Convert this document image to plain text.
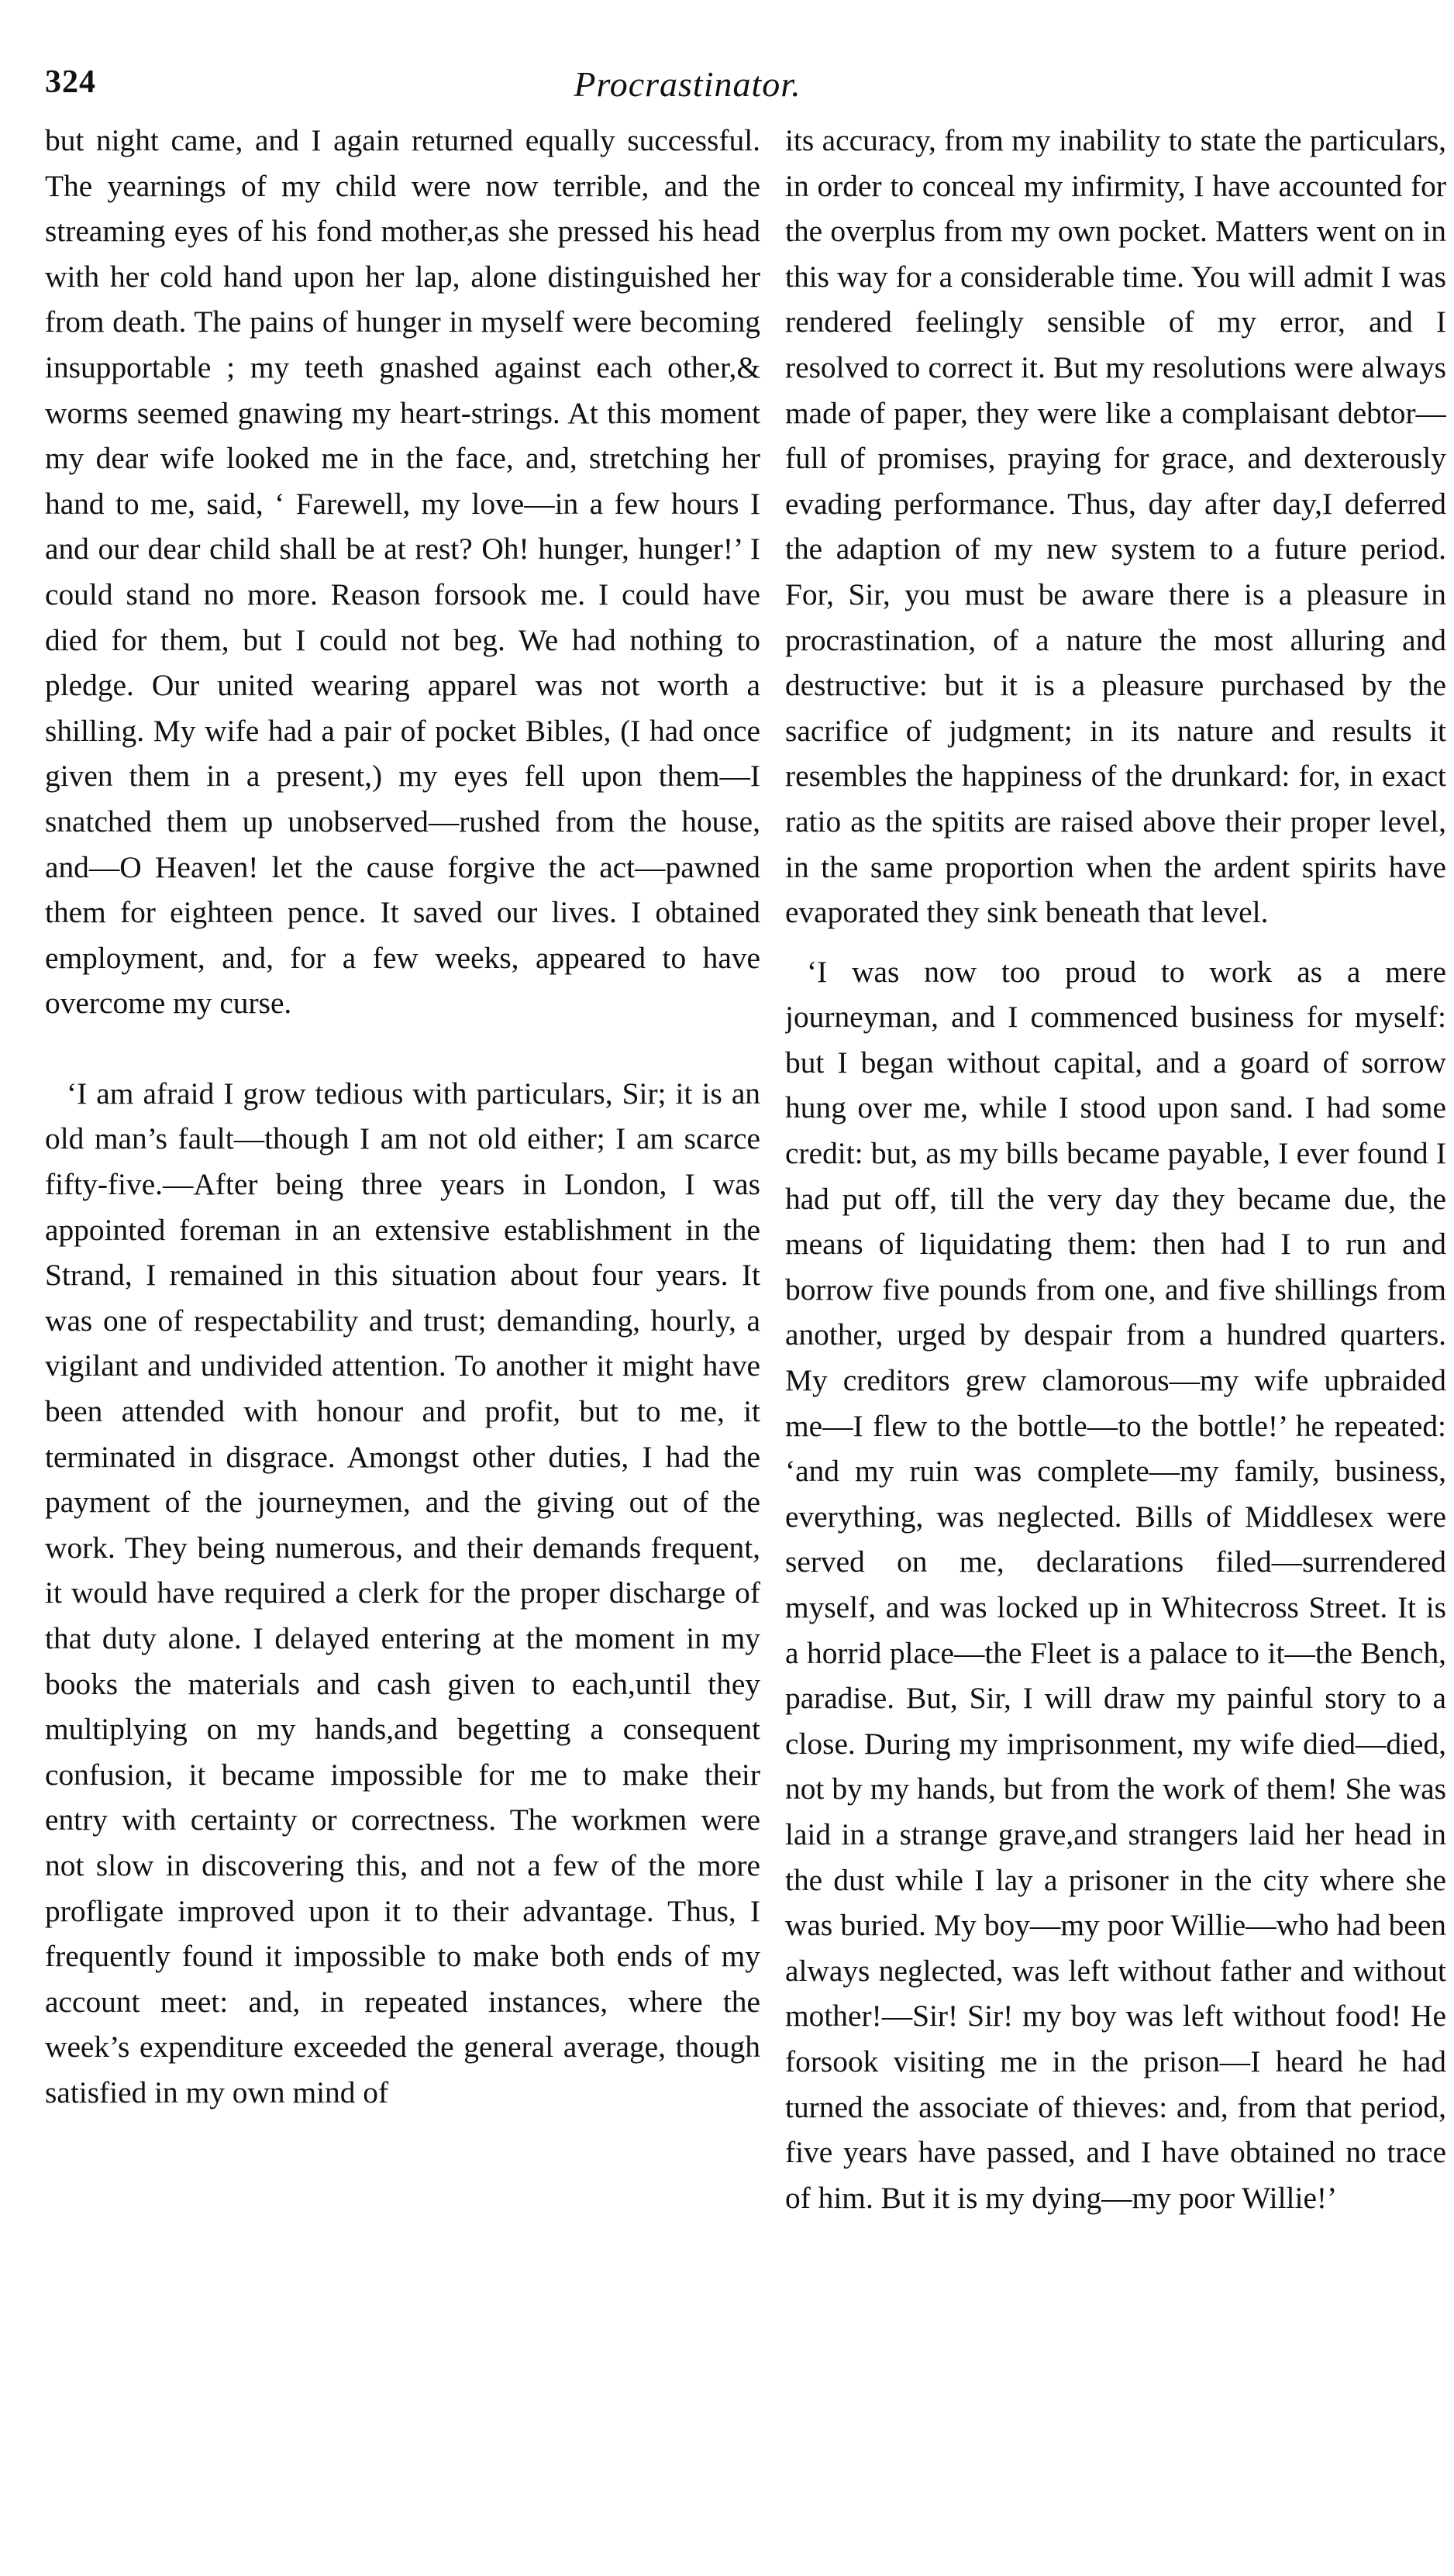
324	Procrastinator.

but night came, and I again returned equally successful. The yearnings of my child were now terrible, and the streaming eyes of his fond mother,as she pressed his head with her cold hand upon her lap, alone distinguished her from death. The pains of hunger in myself were becoming insupportable ; my teeth gnashed against each other,& worms seemed gnawing my heart-strings. At this moment my dear wife looked me in the face, and, stretching her hand to me, said, ‘ Farewell, my love—in a few hours I and our dear child shall be at rest? Oh! hunger, hunger!’ I could stand no more. Reason forsook me. I could have died for them, but I could not beg. We had nothing to pledge. Our united wearing apparel was not worth a shilling. My wife had a pair of pocket Bibles, (I had once given them in a present,) my eyes fell upon them—I snatched them up unobserved—rushed from the house, and—O Heaven! let the cause forgive the act—pawned them for eighteen pence. It saved our lives. I obtained employment, and, for a few weeks, appeared to have overcome my curse.

‘I am afraid I grow tedious with particulars, Sir; it is an old man’s fault—though I am not old either; I am scarce fifty-five.—After being three years in London, I was appointed foreman in an extensive establishment in the Strand, I remained in this situation about four years. It was one of respectability and trust; demanding, hourly, a vigilant and undivided attention. To another it might have been attended with honour and profit, but to me, it terminated in disgrace. Amongst other duties, I had the payment of the journeymen, and the giving out of the work. They being numerous, and their demands frequent, it would have required a clerk for the proper discharge of that duty alone. I delayed entering at the moment in my books the materials and cash given to each,until they multiplying on my hands,and begetting a consequent confusion, it became impossible for me to make their entry with certainty or correctness. The workmen were not slow in discovering this, and not a few of the more profligate improved upon it to their advantage. Thus, I frequently found it impossible to make both ends of my account meet: and, in repeated instances, where the week’s expenditure exceeded the general average, though satisfied in my own mind of

its accuracy, from my inability to state the particulars, in order to conceal my infirmity, I have accounted for the overplus from my own pocket. Matters went on in this way for a considerable time. You will admit I was rendered feelingly sensible of my error, and I resolved to correct it. But my resolutions were always made of paper, they were like a complaisant debtor—full of promises, praying for grace, and dexterously evading performance. Thus, day after day,I deferred the adaption of my new system to a future period. For, Sir, you must be aware there is a pleasure in procrastination, of a nature the most alluring and destructive: but it is a pleasure purchased by the sacrifice of judgment; in its nature and results it resembles the happiness of the drunkard: for, in exact ratio as the spitits are raised above their proper level, in the same proportion when the ardent spirits have evaporated they sink beneath that level.

‘I was now too proud to work as a mere journeyman, and I commenced business for myself: but I began without capital, and a goard of sorrow hung over me, while I stood upon sand. I had some credit: but, as my bills became payable, I ever found I had put off, till the very day they became due, the means of liquidating them: then had I to run and borrow five pounds from one, and five shillings from another, urged by despair from a hundred quarters. My creditors grew clamorous—my wife upbraided me—I flew to the bottle—to the bottle!’ he repeated: ‘and my ruin was complete—my family, business, everything, was neglected. Bills of Middlesex were served on me, declarations filed—surrendered myself, and was locked up in Whitecross Street. It is a horrid place—the Fleet is a palace to it—the Bench, paradise. But, Sir, I will draw my painful story to a close. During my imprisonment, my wife died—died, not by my hands, but from the work of them! She was laid in a strange grave,and strangers laid her head in the dust while I lay a prisoner in the city where she was buried. My boy—my poor Willie—who had been always neglected, was left without father and without mother!—Sir! Sir! my boy was left without food! He forsook visiting me in the prison—I heard he had turned the associate of thieves: and, from that period, five years have passed, and I have obtained no trace of him. But it is my dying—my poor Willie!’
